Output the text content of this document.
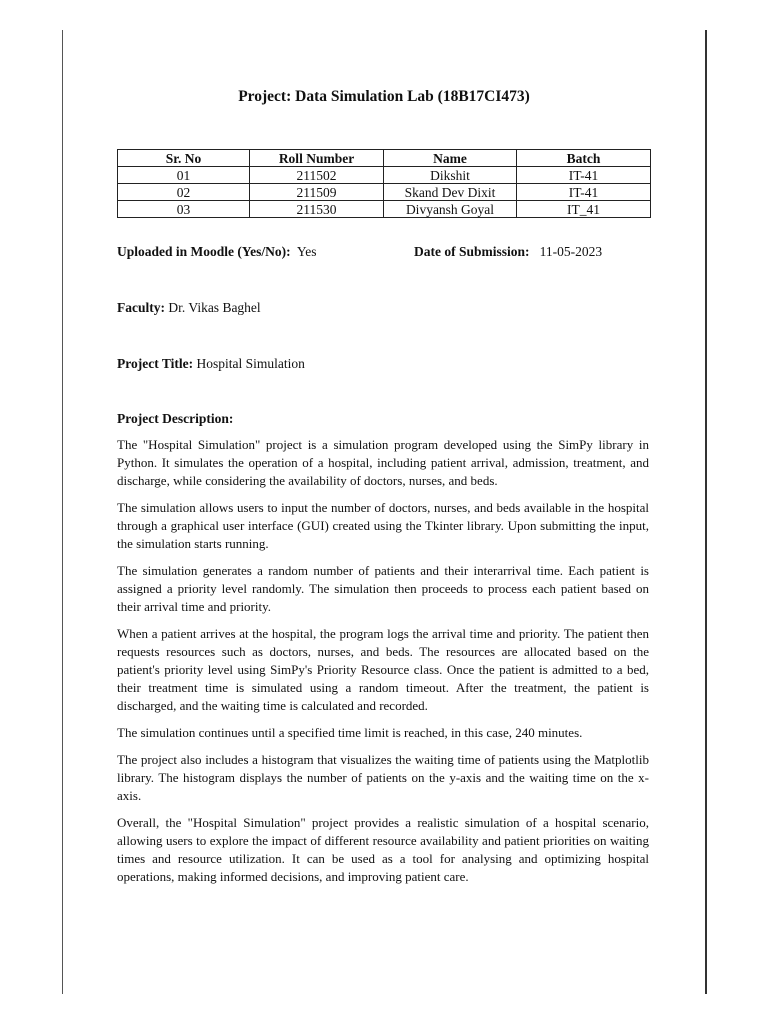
Project: Data Simulation Lab (18B17CI473)
Sr. No	Roll Number	Name	Batch
01	211502	Dikshit	IT-41
02	211509	Skand Dev Dixit	IT-41
03	211530	Divyansh Goyal	IT_41
Uploaded in Moodle (Yes/No): Yes	Date of Submission: 11-05-2023
Faculty: Dr. Vikas Baghel
Project Title: Hospital Simulation
Project Description:

The "Hospital Simulation" project is a simulation program developed using the SimPy library in Python. It simulates the operation of a hospital, including patient arrival, admission, treatment, and discharge, while considering the availability of doctors, nurses, and beds.

The simulation allows users to input the number of doctors, nurses, and beds available in the hospital through a graphical user interface (GUI) created using the Tkinter library. Upon submitting the input, the simulation starts running.

The simulation generates a random number of patients and their interarrival time. Each patient is assigned a priority level randomly. The simulation then proceeds to process each patient based on their arrival time and priority.

When a patient arrives at the hospital, the program logs the arrival time and priority. The patient then requests resources such as doctors, nurses, and beds. The resources are allocated based on the patient's priority level using SimPy's Priority Resource class. Once the patient is admitted to a bed, their treatment time is simulated using a random timeout. After the treatment, the patient is discharged, and the waiting time is calculated and recorded.

The simulation continues until a specified time limit is reached, in this case, 240 minutes.

The project also includes a histogram that visualizes the waiting time of patients using the Matplotlib library. The histogram displays the number of patients on the y-axis and the waiting time on the x-axis.

Overall, the "Hospital Simulation" project provides a realistic simulation of a hospital scenario, allowing users to explore the impact of different resource availability and patient priorities on waiting times and resource utilization. It can be used as a tool for analysing and optimizing hospital operations, making informed decisions, and improving patient care.
